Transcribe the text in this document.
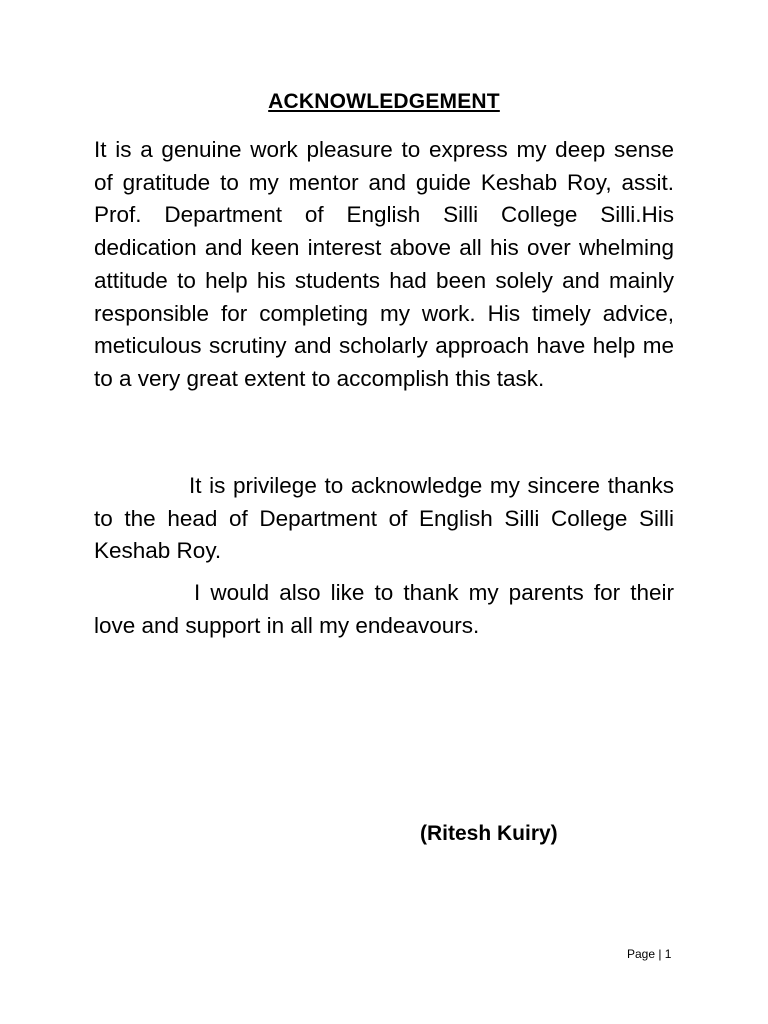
ACKNOWLEDGEMENT
It is a genuine work pleasure to express my deep sense of gratitude to my mentor and guide Keshab Roy, assit. Prof. Department of English Silli College Silli.His dedication and keen interest above all his over whelming attitude to help his students had been solely and mainly responsible for completing my work. His timely advice, meticulous scrutiny and scholarly approach have help me to a very great extent to accomplish this task.
It is privilege to acknowledge my sincere thanks to the head of Department of English Silli College Silli Keshab Roy.
I would also like to thank my parents for their love and support in all my endeavours.
(Ritesh Kuiry)
Page | 1
